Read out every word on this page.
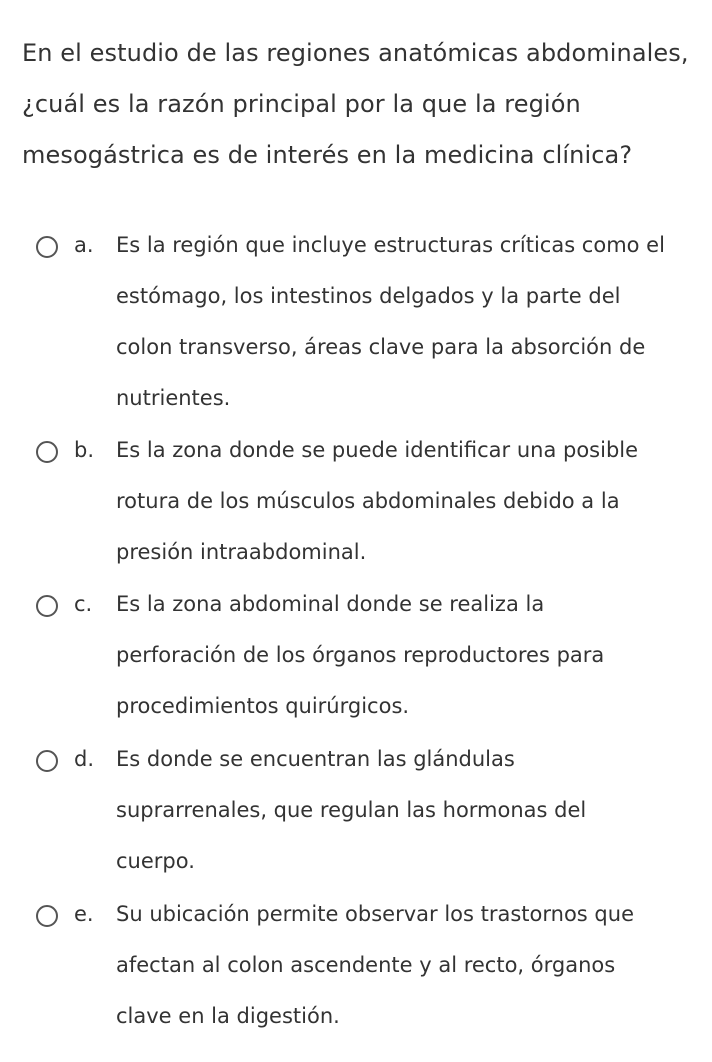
En el estudio de las regiones anatómicas abdominales,
¿cuál es la razón principal por la que la región
mesogástrica es de interés en la medicina clínica?
a. Es la región que incluye estructuras críticas como el
estómago, los intestinos delgados y la parte del
colon transverso, áreas clave para la absorción de
nutrientes.
b. Es la zona donde se puede identificar una posible
rotura de los músculos abdominales debido a la
presión intraabdominal.
c. Es la zona abdominal donde se realiza la
perforación de los órganos reproductores para
procedimientos quirúrgicos.
d. Es donde se encuentran las glándulas
suprarrenales, que regulan las hormonas del
cuerpo.
e. Su ubicación permite observar los trastornos que
afectan al colon ascendente y al recto, órganos
clave en la digestión.
